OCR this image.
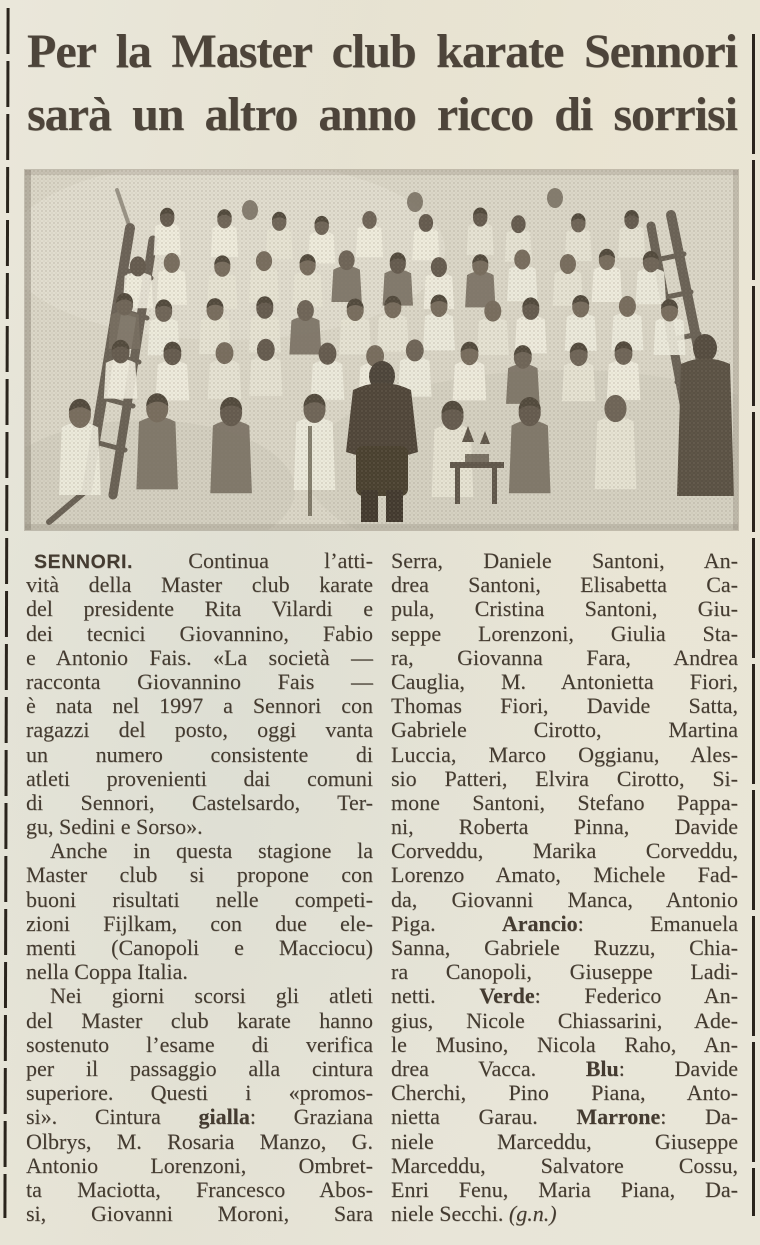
Per la Master club karate Sennori
sarà un altro anno ricco di sorrisi
SENNORI. Continua l’atti-
vità della Master club karate
del presidente Rita Vilardi e
dei tecnici Giovannino, Fabio
e Antonio Fais. «La società —
racconta Giovannino Fais —
è nata nel 1997 a Sennori con
ragazzi del posto, oggi vanta
un numero consistente di
atleti provenienti dai comuni
di Sennori, Castelsardo, Ter-
gu, Sedini e Sorso».
Anche in questa stagione la
Master club si propone con
buoni risultati nelle competi-
zioni Fijlkam, con due ele-
menti (Canopoli e Macciocu)
nella Coppa Italia.
Nei giorni scorsi gli atleti
del Master club karate hanno
sostenuto l’esame di verifica
per il passaggio alla cintura
superiore. Questi i «promos-
si». Cintura gialla: Graziana
Olbrys, M. Rosaria Manzo, G.
Antonio Lorenzoni, Ombret-
ta Maciotta, Francesco Abos-
si, Giovanni Moroni, Sara
Serra, Daniele Santoni, An-
drea Santoni, Elisabetta Ca-
pula, Cristina Santoni, Giu-
seppe Lorenzoni, Giulia Sta-
ra, Giovanna Fara, Andrea
Cauglia, M. Antonietta Fiori,
Thomas Fiori, Davide Satta,
Gabriele Cirotto, Martina
Luccia, Marco Oggianu, Ales-
sio Patteri, Elvira Cirotto, Si-
mone Santoni, Stefano Pappa-
ni, Roberta Pinna, Davide
Corveddu, Marika Corveddu,
Lorenzo Amato, Michele Fad-
da, Giovanni Manca, Antonio
Piga. Arancio: Emanuela
Sanna, Gabriele Ruzzu, Chia-
ra Canopoli, Giuseppe Ladi-
netti. Verde: Federico An-
gius, Nicole Chiassarini, Ade-
le Musino, Nicola Raho, An-
drea Vacca. Blu: Davide
Cherchi, Pino Piana, Anto-
nietta Garau. Marrone: Da-
niele Marceddu, Giuseppe
Marceddu, Salvatore Cossu,
Enri Fenu, Maria Piana, Da-
niele Secchi. (g.n.)
